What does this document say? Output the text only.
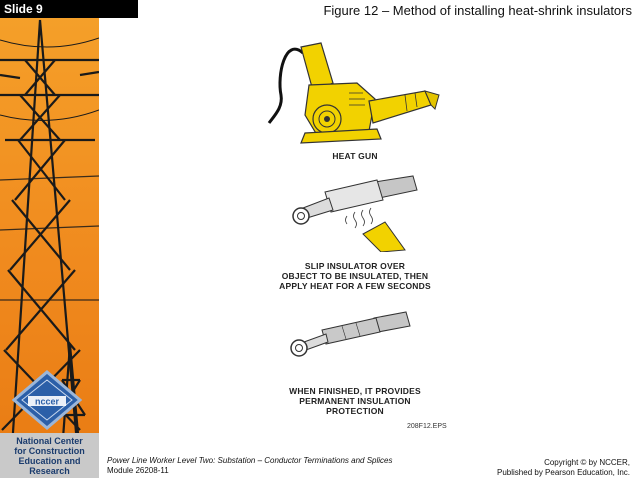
Slide 9	Figure 12 – Method of installing heat-shrink insulators
nccer
National Center
for Construction
Education and
Research
HEAT GUN
SLIP INSULATOR OVER
OBJECT TO BE INSULATED, THEN
APPLY HEAT FOR A FEW SECONDS
WHEN FINISHED, IT PROVIDES
PERMANENT INSULATION
PROTECTION
208F12.EPS
Power Line Worker Level Two: Substation – Conductor Terminations and Splices
Module 26208-11
Copyright © by NCCER,
Published by Pearson Education, Inc.
